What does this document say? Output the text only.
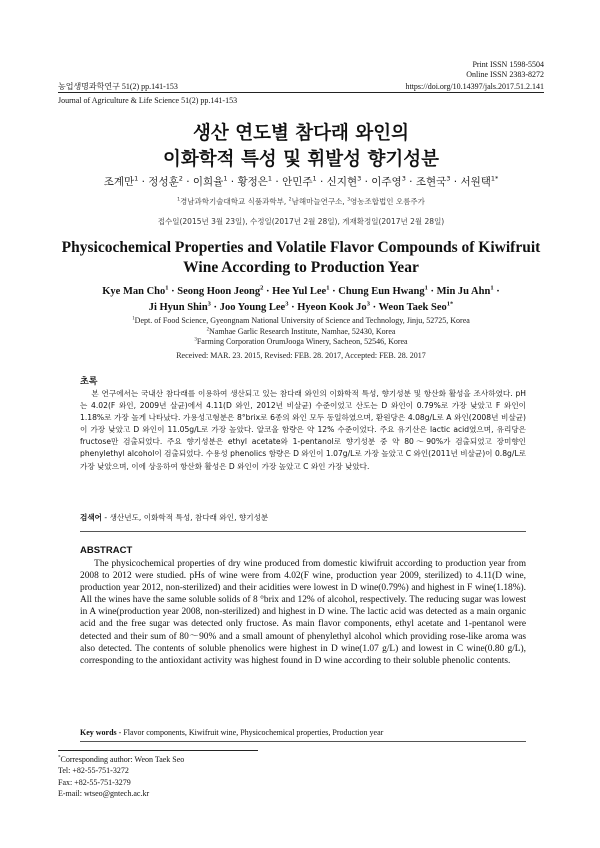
Print ISSN 1598-5504
Online ISSN 2383-8272
농업생명과학연구 51(2) pp.141-153	https://doi.org/10.14397/jals.2017.51.2.141
Journal of Agriculture & Life Science 51(2) pp.141-153
생산 연도별 참다래 와인의
이화학적 특성 및 휘발성 향기성분
조계만$^1$ · 정성훈$^2$ · 이희율$^1$ · 황정은$^1$ · 안민주$^1$ · 신지현$^3$ · 이주영$^3$ · 조현국$^3$ · 서원택$^{1*}$
$^1$경남과학기술대학교 식품과학부, $^2$남해마늘연구소, $^3$영농조합법인 오름주가
접수일(2015년 3월 23일), 수정일(2017년 2월 28일), 게재확정일(2017년 2월 28일)
Physicochemical Properties and Volatile Flavor Compounds of Kiwifruit
Wine According to Production Year
Kye Man Cho$^1$ · Seong Hoon Jeong$^2$ · Hee Yul Lee$^1$ · Chung Eun Hwang$^1$ · Min Ju Ahn$^1$ ·
Ji Hyun Shin$^3$ · Joo Young Lee$^3$ · Hyeon Kook $Jo^3$ · Weon Taek Seo$^{1*}$
$^1$Dept. of Food Science, Gyeongnam National University of Science and Technology, Jinju, 52725, Korea
$^2$Namhae Garlic Research Institute, Namhae, 52430, Korea
$^3$Farming Corporation OrumJooga Winery, Sacheon, 52546, Korea
Received: MAR. 23. 2015, Revised: FEB. 28. 2017, Accepted: FEB. 28. 2017
초록
본 연구에서는 국내산 참다래를 이용하여 생산되고 있는 참다래 와인의 이화학적 특성, 향기성분 및 항산화 활성을 조사하였다. pH는 4.02(F 와인, 2009년 살균)에서 4.11(D 와인, 2012년 비살균) 수준이었고 산도는 D 와인이 0.79%로 가장 낮았고 F 와인이 1.18%로 가장 높게 나타났다. 가용성고형분은 8°brix로 6종의 와인 모두 동일하였으며, 환원당은 4.08g/L로 A 와인(2008년 비살균)이 가장 낮았고 D 와인이 11.05g/L로 가장 높았다. 알코올 함량은 약 12% 수준이었다. 주요 유기산은 lactic acid였으며, 유리당은 fructose만 검출되었다. 주요 향기성분은 ethyl acetate와 1-pentanol로 향기성분 중 약 80～90%가 검출되었고 장미향인 phenylethyl alcohol이 검출되었다. 수용성 phenolics 함량은 D 와인이 1.07g/L로 가장 높았고 C 와인(2011년 비살균)이 0.8g/L로 가장 낮았으며, 이에 상응하여 항산화 활성은 D 와인이 가장 높았고 C 와인 가장 낮았다.
검색어 - 생산년도, 이화학적 특성, 참다래 와인, 향기성분
ABSTRACT
The physicochemical properties of dry wine produced from domestic kiwifruit according to production year from 2008 to 2012 were studied. pHs of wine were from 4.02(F wine, production year 2009, sterilized) to 4.11(D wine, production year 2012, non-sterilized) and their acidities were lowest in D wine(0.79%) and highest in F wine(1.18%). All the wines have the same soluble solids of 8 °brix and 12% of alcohol, respectively. The reducing sugar was lowest in A wine(production year 2008, non-sterilized) and highest in D wine. The lactic acid was detected as a main organic acid and the free sugar was detected only fructose. As main flavor components, ethyl acetate and 1-pentanol were detected and their sum of 80～90% and a small amount of phenylethyl alcohol which providing rose-like aroma was also detected. The contents of soluble phenolics were highest in D wine(1.07 g/L) and lowest in C wine(0.80 g/L), corresponding to the antioxidant activity was highest found in D wine according to their soluble phenolic contents.
Key words - Flavor components, Kiwifruit wine, Physicochemical properties, Production year
*Corresponding author: Weon Taek Seo
Tel: +82-55-751-3272
Fax: +82-55-751-3279
E-mail: wtseo@gntech.ac.kr
